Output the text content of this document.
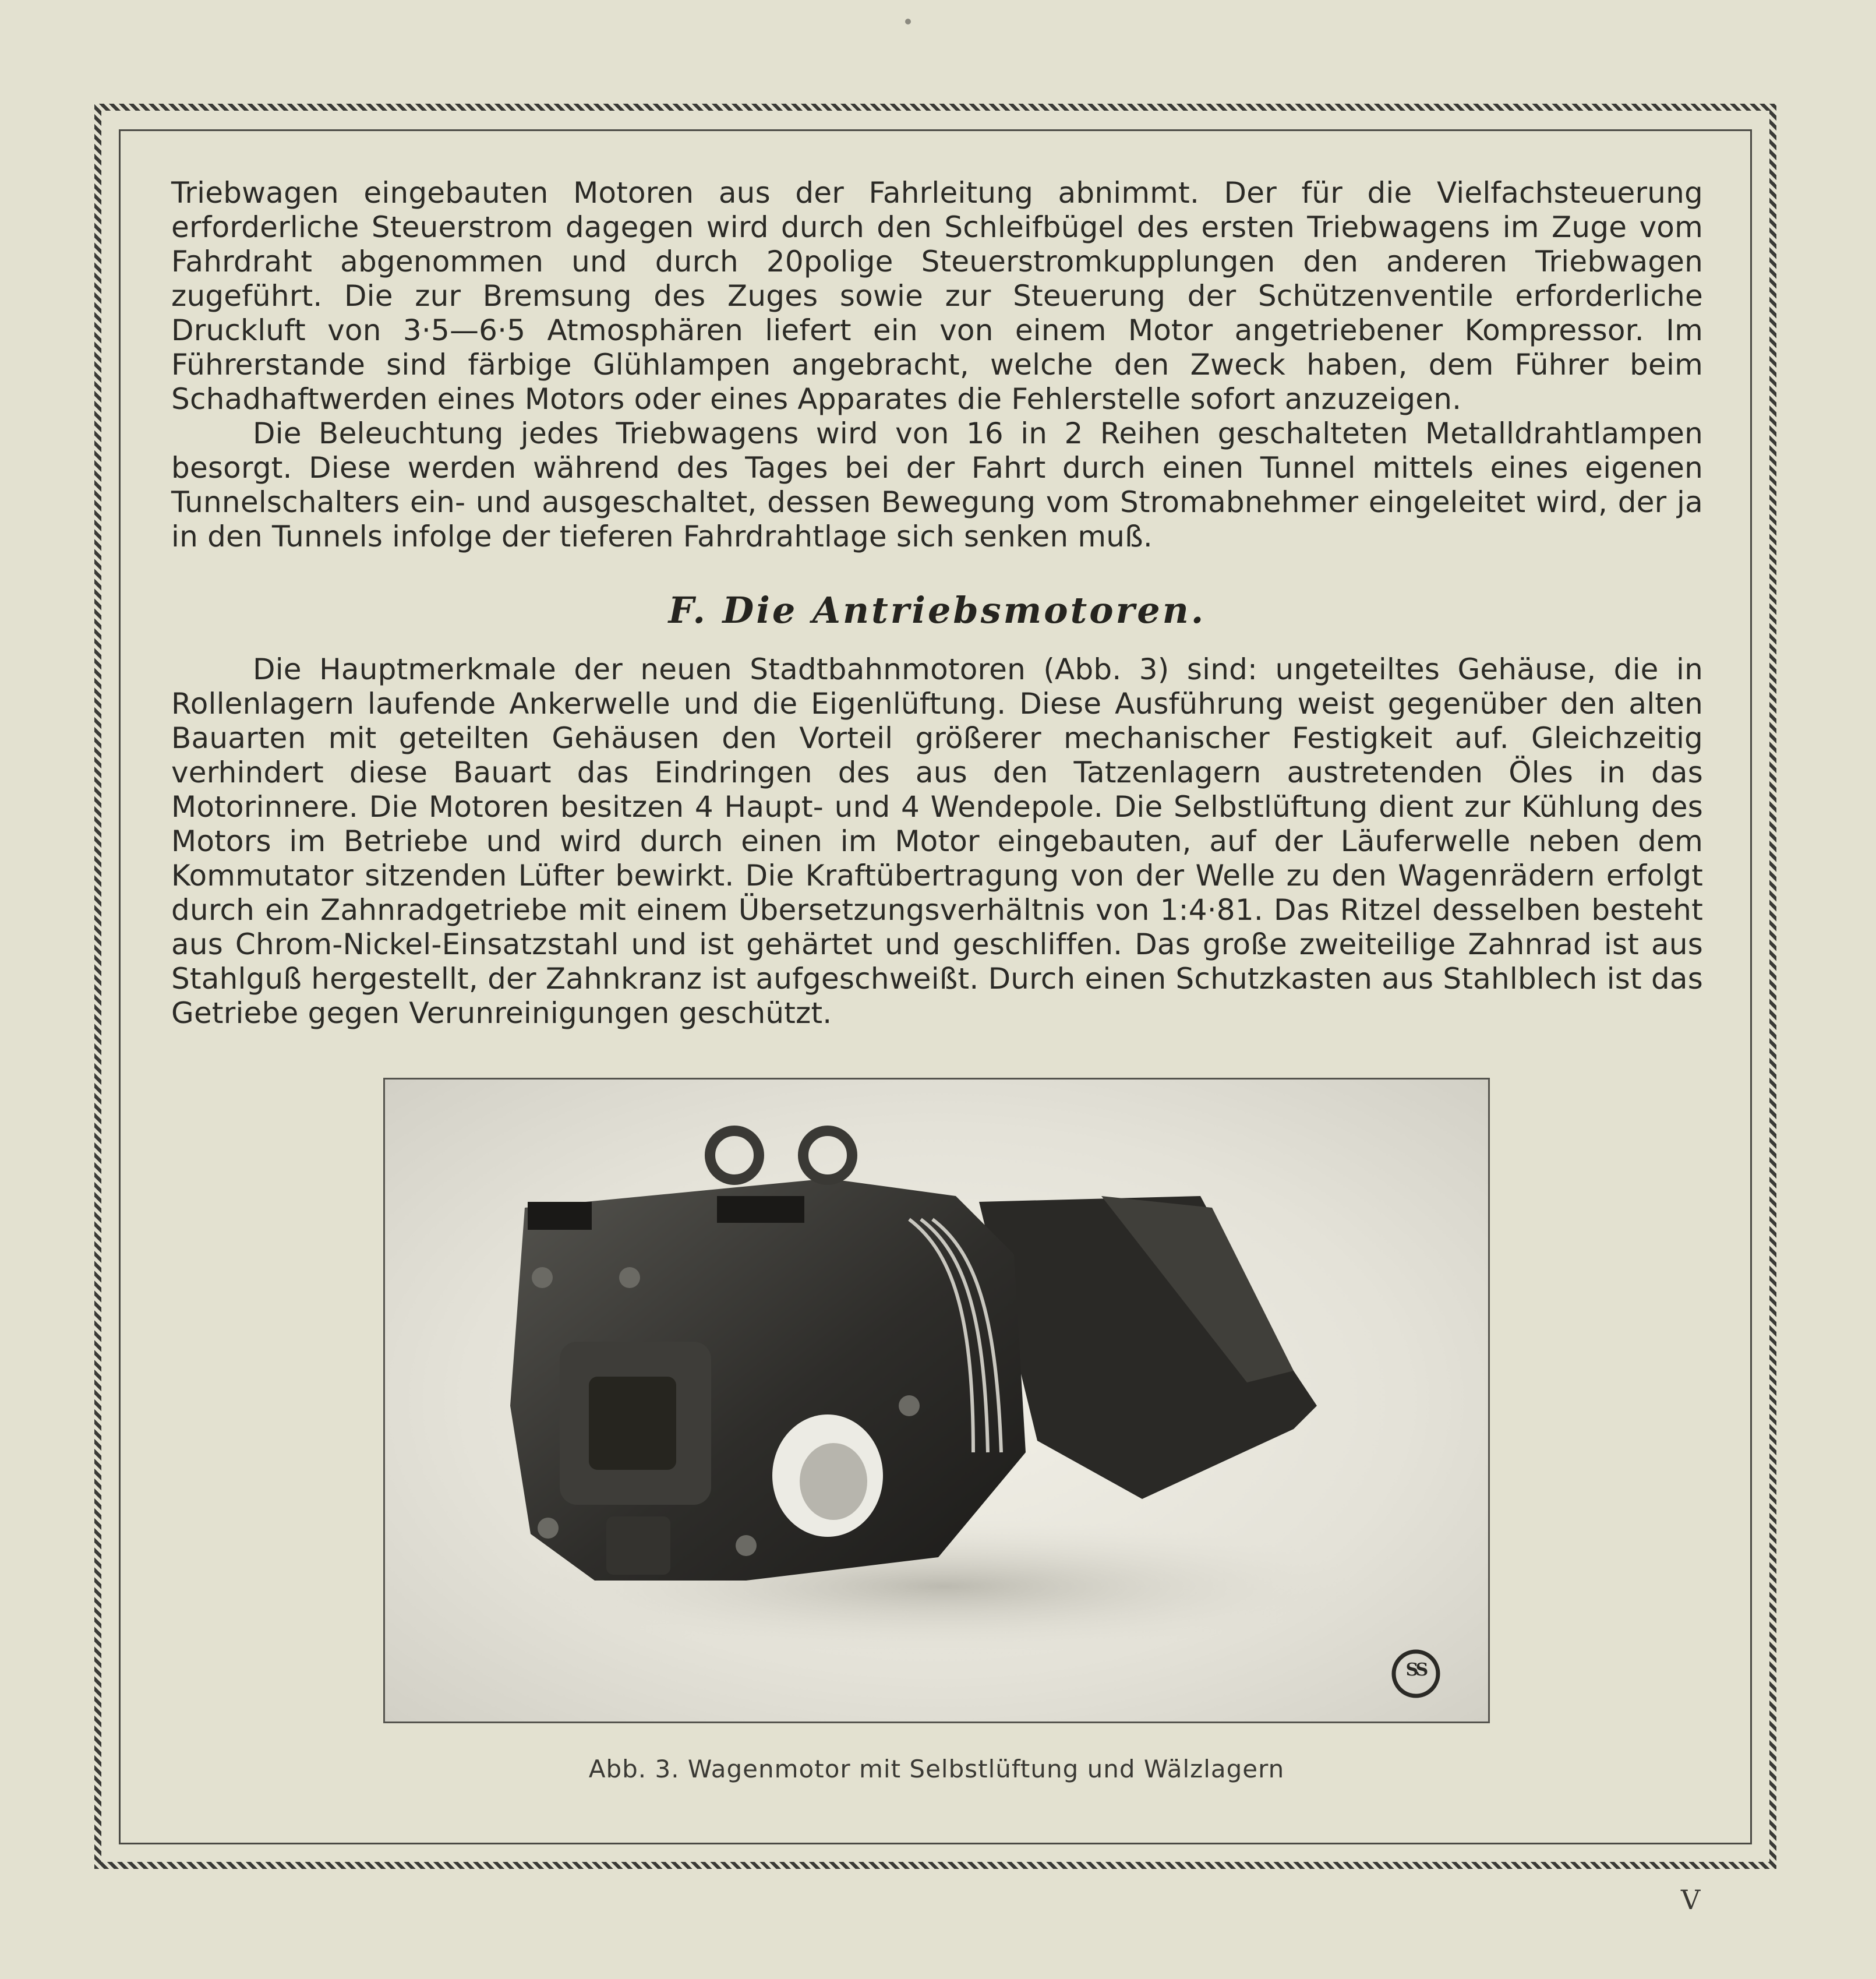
Triebwagen eingebauten Motoren aus der Fahrleitung abnimmt. Der für die Vielfachsteuerung erforderliche Steuerstrom dagegen wird durch den Schleifbügel des ersten Triebwagens im Zuge vom Fahrdraht abgenommen und durch 20polige Steuerstromkupplungen den anderen Triebwagen zugeführt. Die zur Bremsung des Zuges sowie zur Steuerung der Schützenventile erforderliche Druckluft von 3·5—6·5 Atmosphären liefert ein von einem Motor angetriebener Kompressor. Im Führerstande sind färbige Glühlampen angebracht, welche den Zweck haben, dem Führer beim Schadhaftwerden eines Motors oder eines Apparates die Fehlerstelle sofort anzuzeigen.

Die Beleuchtung jedes Triebwagens wird von 16 in 2 Reihen geschalteten Metalldrahtlampen besorgt. Diese werden während des Tages bei der Fahrt durch einen Tunnel mittels eines eigenen Tunnelschalters ein- und ausgeschaltet, dessen Bewegung vom Stromabnehmer eingeleitet wird, der ja in den Tunnels infolge der tieferen Fahrdrahtlage sich senken muß.

F. Die Antriebsmotoren.

Die Hauptmerkmale der neuen Stadtbahnmotoren (Abb. 3) sind: ungeteiltes Gehäuse, die in Rollenlagern laufende Ankerwelle und die Eigenlüftung. Diese Ausführung weist gegenüber den alten Bauarten mit geteilten Gehäusen den Vorteil größerer mechanischer Festigkeit auf. Gleichzeitig verhindert diese Bauart das Eindringen des aus den Tatzenlagern austretenden Öles in das Motorinnere. Die Motoren besitzen 4 Haupt- und 4 Wendepole. Die Selbstlüftung dient zur Kühlung des Motors im Betriebe und wird durch einen im Motor eingebauten, auf der Läuferwelle neben dem Kommutator sitzenden Lüfter bewirkt. Die Kraftübertragung von der Welle zu den Wagenrädern erfolgt durch ein Zahnradgetriebe mit einem Übersetzungsverhältnis von 1:4·81. Das Ritzel desselben besteht aus Chrom-Nickel-Einsatzstahl und ist gehärtet und geschliffen. Das große zweiteilige Zahnrad ist aus Stahlguß hergestellt, der Zahnkranz ist aufgeschweißt. Durch einen Schutzkasten aus Stahlblech ist das Getriebe gegen Verunreinigungen geschützt.

SS
Abb. 3. Wagenmotor mit Selbstlüftung und Wälzlagern
V
